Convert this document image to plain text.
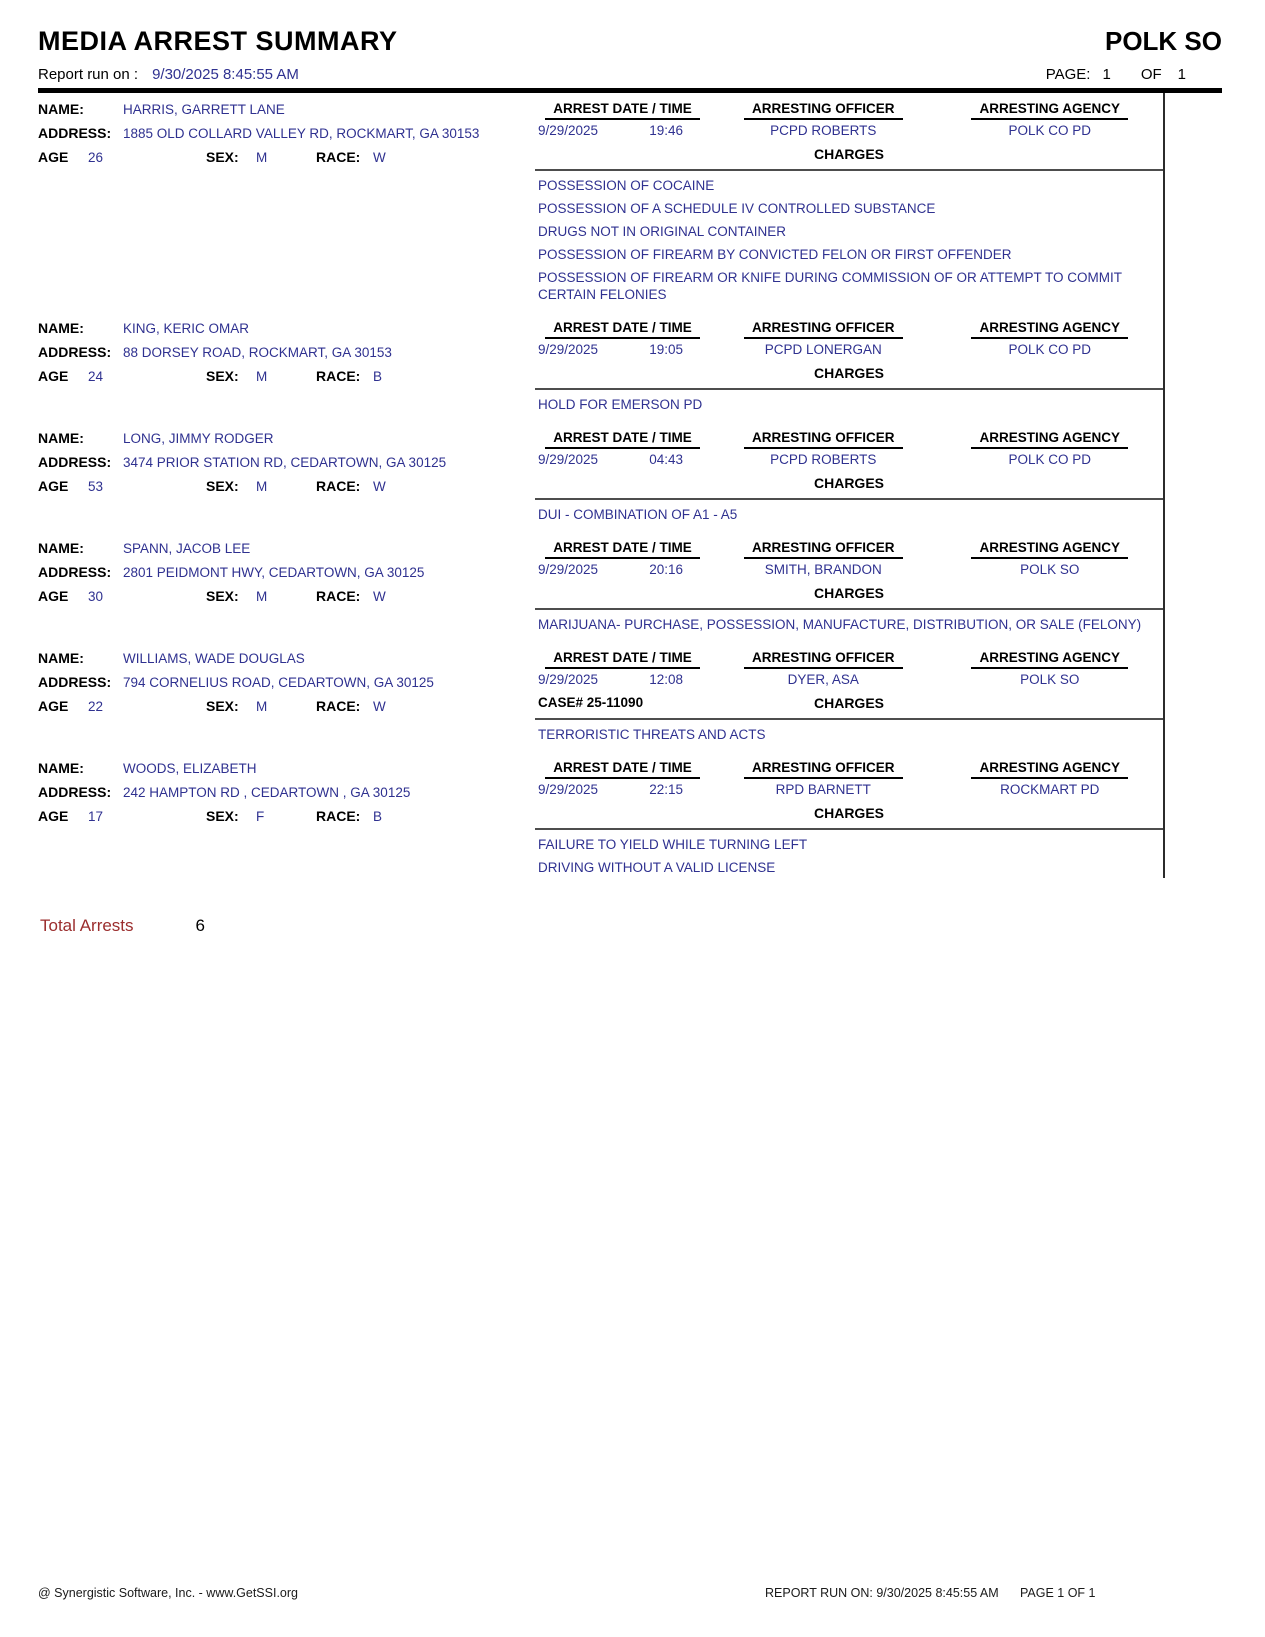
MEDIA ARREST SUMMARY	POLK SO
Report run on : 9/30/2025 8:45:55 AM	PAGE: 1 OF 1
NAME:	HARRIS, GARRETT LANE
ADDRESS: 1885 OLD COLLARD VALLEY RD, ROCKMART, GA 30153
AGE	26	SEX:	M	RACE: W
ARREST DATE / TIME	ARRESTING OFFICER	ARRESTING AGENCY
9/29/2025	19:46	PCPD ROBERTS	POLK CO PD
CHARGES
POSSESSION OF COCAINE
POSSESSION OF A SCHEDULE IV CONTROLLED SUBSTANCE
DRUGS NOT IN ORIGINAL CONTAINER
POSSESSION OF FIREARM BY CONVICTED FELON OR FIRST OFFENDER
POSSESSION OF FIREARM OR KNIFE DURING COMMISSION OF OR ATTEMPT TO COMMIT CERTAIN FELONIES
NAME:	KING, KERIC OMAR
ADDRESS: 88 DORSEY ROAD, ROCKMART, GA 30153
AGE	24	SEX:	M	RACE: B
ARREST DATE / TIME	ARRESTING OFFICER	ARRESTING AGENCY
9/29/2025	19:05	PCPD LONERGAN	POLK CO PD
CHARGES
HOLD FOR EMERSON PD
NAME:	LONG, JIMMY RODGER
ADDRESS: 3474 PRIOR STATION RD, CEDARTOWN, GA 30125
AGE	53	SEX:	M	RACE: W
ARREST DATE / TIME	ARRESTING OFFICER	ARRESTING AGENCY
9/29/2025	04:43	PCPD ROBERTS	POLK CO PD
CHARGES
DUI - COMBINATION OF A1 - A5
NAME:	SPANN, JACOB LEE
ADDRESS: 2801 PEIDMONT HWY, CEDARTOWN, GA 30125
AGE	30	SEX:	M	RACE: W
ARREST DATE / TIME	ARRESTING OFFICER	ARRESTING AGENCY
9/29/2025	20:16	SMITH, BRANDON	POLK SO
CHARGES
MARIJUANA- PURCHASE, POSSESSION, MANUFACTURE, DISTRIBUTION, OR SALE (FELONY)
NAME:	WILLIAMS, WADE DOUGLAS
ADDRESS: 794 CORNELIUS ROAD, CEDARTOWN, GA 30125
AGE	22	SEX:	M	RACE: W
ARREST DATE / TIME	ARRESTING OFFICER	ARRESTING AGENCY
9/29/2025	12:08	DYER, ASA	POLK SO
CASE# 25-11090	CHARGES
TERRORISTIC THREATS AND ACTS
NAME:	WOODS, ELIZABETH
ADDRESS: 242 HAMPTON RD , CEDARTOWN , GA 30125
AGE	17	SEX:	F	RACE: B
ARREST DATE / TIME	ARRESTING OFFICER	ARRESTING AGENCY
9/29/2025	22:15	RPD BARNETT	ROCKMART PD
CHARGES
FAILURE TO YIELD WHILE TURNING LEFT
DRIVING WITHOUT A VALID LICENSE
Total Arrests	6
@ Synergistic Software, Inc. - www.GetSSI.org	REPORT RUN ON: 9/30/2025 8:45:55 AM PAGE 1 OF 1
